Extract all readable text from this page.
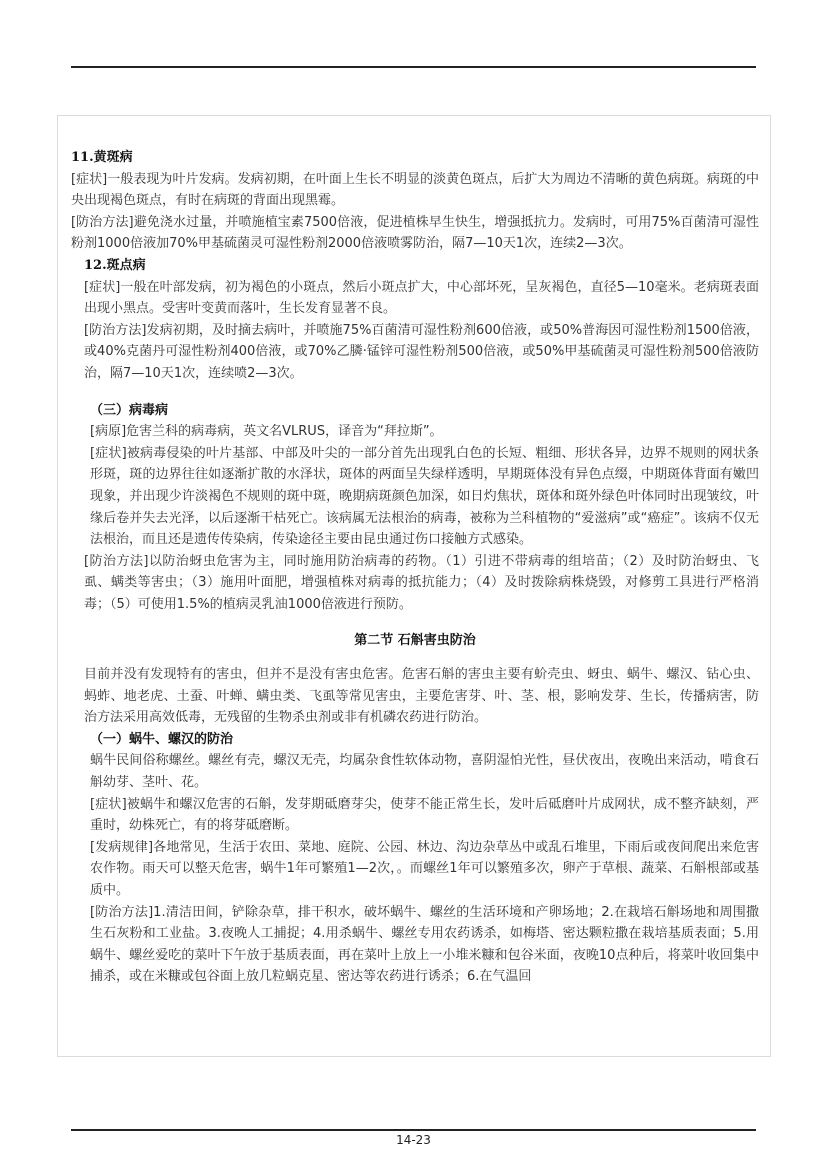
11.黄斑病

[症状]一般表现为叶片发病。发病初期，在叶面上生长不明显的淡黄色斑点，后扩大为周边不清晰的黄色病斑。病斑的中央出现褐色斑点，有时在病斑的背面出现黑霉。

[防治方法]避免浇水过量，并喷施植宝素7500倍液，促进植株早生快生，增强抵抗力。发病时，可用75%百菌清可湿性粉剂1000倍液加70%甲基硫菌灵可湿性粉剂2000倍液喷雾防治，隔7—10天1次，连续2—3次。

12.斑点病

[症状]一般在叶部发病，初为褐色的小斑点，然后小斑点扩大，中心部坏死，呈灰褐色，直径5—10毫米。老病斑表面出现小黑点。受害叶变黄而落叶，生长发育显著不良。

[防治方法]发病初期，及时摘去病叶，并喷施75%百菌清可湿性粉剂600倍液，或50%普海因可湿性粉剂1500倍液，或40%克菌丹可湿性粉剂400倍液，或70%乙膦·锰锌可湿性粉剂500倍液，或50%甲基硫菌灵可湿性粉剂500倍液防治，隔7—10天1次，连续喷2—3次。

（三）病毒病

[病原]危害兰科的病毒病，英文名VLRUS，译音为“拜拉斯”。

[症状]被病毒侵染的叶片基部、中部及叶尖的一部分首先出现乳白色的长短、粗细、形状各异，边界不规则的网状条形斑，斑的边界往往如逐渐扩散的水泽状，斑体的两面呈失绿样透明，早期斑体没有异色点缀，中期斑体背面有嫩凹现象，并出现少许淡褐色不规则的斑中斑，晚期病斑颜色加深，如日灼焦状，斑体和斑外绿色叶体同时出现皱纹，叶缘后卷并失去光泽，以后逐渐干枯死亡。该病属无法根治的病毒，被称为兰科植物的“爱滋病”或“癌症”。该病不仅无法根治，而且还是遗传传染病，传染途径主要由昆虫通过伤口接触方式感染。

[防治方法]以防治蚜虫危害为主，同时施用防治病毒的药物。（1）引进不带病毒的组培苗；（2）及时防治蚜虫、飞虱、螨类等害虫；（3）施用叶面肥，增强植株对病毒的抵抗能力；（4）及时拨除病株烧毁，对修剪工具进行严格消毒；（5）可使用1.5%的植病灵乳油1000倍液进行预防。

第二节 石斛害虫防治

目前并没有发现特有的害虫，但并不是没有害虫危害。危害石斛的害虫主要有蚧壳虫、蚜虫、蜗牛、螺汉、钻心虫、蚂蚱、地老虎、土蚕、叶蝉、螨虫类、飞虱等常见害虫，主要危害芽、叶、茎、根，影响发芽、生长，传播病害，防治方法采用高效低毒，无残留的生物杀虫剂或非有机磷农药进行防治。

（一）蜗牛、螺汉的防治

蜗牛民间俗称螺丝。螺丝有壳，螺汉无壳，均属杂食性软体动物，喜阴湿怕光性，昼伏夜出，夜晚出来活动，啃食石斛幼芽、茎叶、花。

[症状]被蜗牛和螺汉危害的石斛，发芽期砥磨芽尖，使芽不能正常生长，发叶后砥磨叶片成网状，成不整齐缺刻，严重时，幼株死亡，有的将芽砥磨断。

[发病规律]各地常见，生活于农田、菜地、庭院、公园、林边、沟边杂草丛中或乱石堆里，下雨后或夜间爬出来危害农作物。雨天可以整天危害，蜗牛1年可繁殖1—2次，。而螺丝1年可以繁殖多次，卵产于草根、蔬菜、石斛根部或基质中。

[防治方法]1.清洁田间，铲除杂草，排干积水，破坏蜗牛、螺丝的生活环境和产卵场地；2.在栽培石斛场地和周围撒生石灰粉和工业盐。3.夜晚人工捕捉；4.用杀蜗牛、螺丝专用农药诱杀，如梅塔、密达颗粒撒在栽培基质表面；5.用蜗牛、螺丝爱吃的菜叶下午放于基质表面，再在菜叶上放上一小堆米糠和包谷米面，夜晚10点种后，将菜叶收回集中捕杀，或在米糠或包谷面上放几粒蜗克星、密达等农药进行诱杀；6.在气温回

14-23
